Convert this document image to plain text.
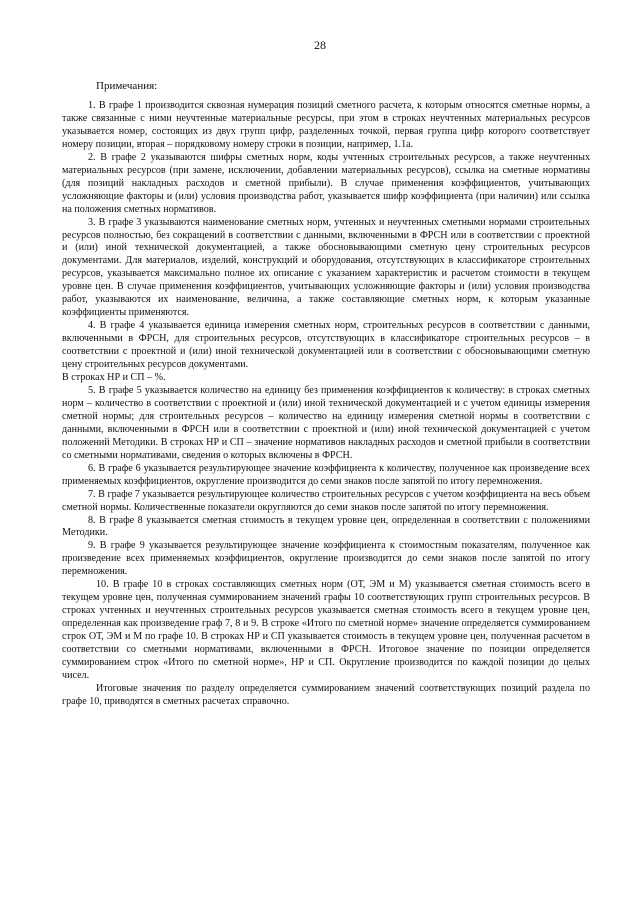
28
Примечания:

1. В графе 1 производится сквозная нумерация позиций сметного расчета, к которым относятся сметные нормы, а также связанные с ними неучтенные материальные ресурсы, при этом в строках неучтенных материальных ресурсов указывается номер, состоящих из двух групп цифр, разделенных точкой, первая группа цифр которого соответствует номеру позиции, вторая – порядковому номеру строки в позиции, например, 1.1а.

2. В графе 2 указываются шифры сметных норм, коды учтенных строительных ресурсов, а также неучтенных материальных ресурсов (при замене, исключении, добавлении материальных ресурсов), ссылка на сметные нормативы (для позиций накладных расходов и сметной прибыли). В случае применения коэффициентов, учитывающих усложняющие факторы и (или) условия производства работ, указывается шифр коэффициента (при наличии) или ссылка на положения сметных нормативов.

3. В графе 3 указываются наименование сметных норм, учтенных и неучтенных сметными нормами строительных ресурсов полностью, без сокращений в соответствии с данными, включенными в ФРСН или в соответствии с проектной и (или) иной технической документацией, а также обосновывающими сметную цену строительных ресурсов документами. Для материалов, изделий, конструкций и оборудования, отсутствующих в классификаторе строительных ресурсов, указывается максимально полное их описание с указанием характеристик и расчетом стоимости в текущем уровне цен. В случае применения коэффициентов, учитывающих усложняющие факторы и (или) условия производства работ, указываются их наименование, величина, а также составляющие сметных норм, к которым указанные коэффициенты применяются.

4. В графе 4 указывается единица измерения сметных норм, строительных ресурсов в соответствии с данными, включенными в ФРСН, для строительных ресурсов, отсутствующих в классификаторе строительных ресурсов – в соответствии с проектной и (или) иной технической документацией или в соответствии с обосновывающими сметную цену строительных ресурсов документами.

В строках НР и СП – %.

5. В графе 5 указывается количество на единицу без применения коэффициентов к количеству: в строках сметных норм – количество в соответствии с проектной и (или) иной технической документацией и с учетом единицы измерения сметной нормы; для строительных ресурсов – количество на единицу измерения сметной нормы в соответствии с данными, включенными в ФРСН или в соответствии с проектной и (или) иной технической документацией с учетом положений Методики. В строках НР и СП – значение нормативов накладных расходов и сметной прибыли в соответствии со сметными нормативами, сведения о которых включены в ФРСН.

6. В графе 6 указывается результирующее значение коэффициента к количеству, полученное как произведение всех применяемых коэффициентов, округление производится до семи знаков после запятой по итогу перемножения.

7. В графе 7 указывается результирующее количество строительных ресурсов с учетом коэффициента на весь объем сметной нормы. Количественные показатели округляются до семи знаков после запятой по итогу перемножения.

8. В графе 8 указывается сметная стоимость в текущем уровне цен, определенная в соответствии с положениями Методики.

9. В графе 9 указывается результирующее значение коэффициента к стоимостным показателям, полученное как произведение всех применяемых коэффициентов, округление производится до семи знаков после запятой по итогу перемножения.

10. В графе 10 в строках составляющих сметных норм (ОТ, ЭМ и М) указывается сметная стоимость всего в текущем уровне цен, полученная суммированием значений графы 10 соответствующих групп строительных ресурсов. В строках учтенных и неучтенных строительных ресурсов указывается сметная стоимость всего в текущем уровне цен, определенная как произведение граф 7, 8 и 9. В строке «Итого по сметной норме» значение определяется суммированием строк ОТ, ЭМ и М по графе 10. В строках НР и СП указывается стоимость в текущем уровне цен, полученная расчетом в соответствии со сметными нормативами, включенными в ФРСН. Итоговое значение по позиции определяется суммированием строк «Итого по сметной норме», НР и СП. Округление производится по каждой позиции до целых чисел.

Итоговые значения по разделу определяется суммированием значений соответствующих позиций раздела по графе 10, приводятся в сметных расчетах справочно.
